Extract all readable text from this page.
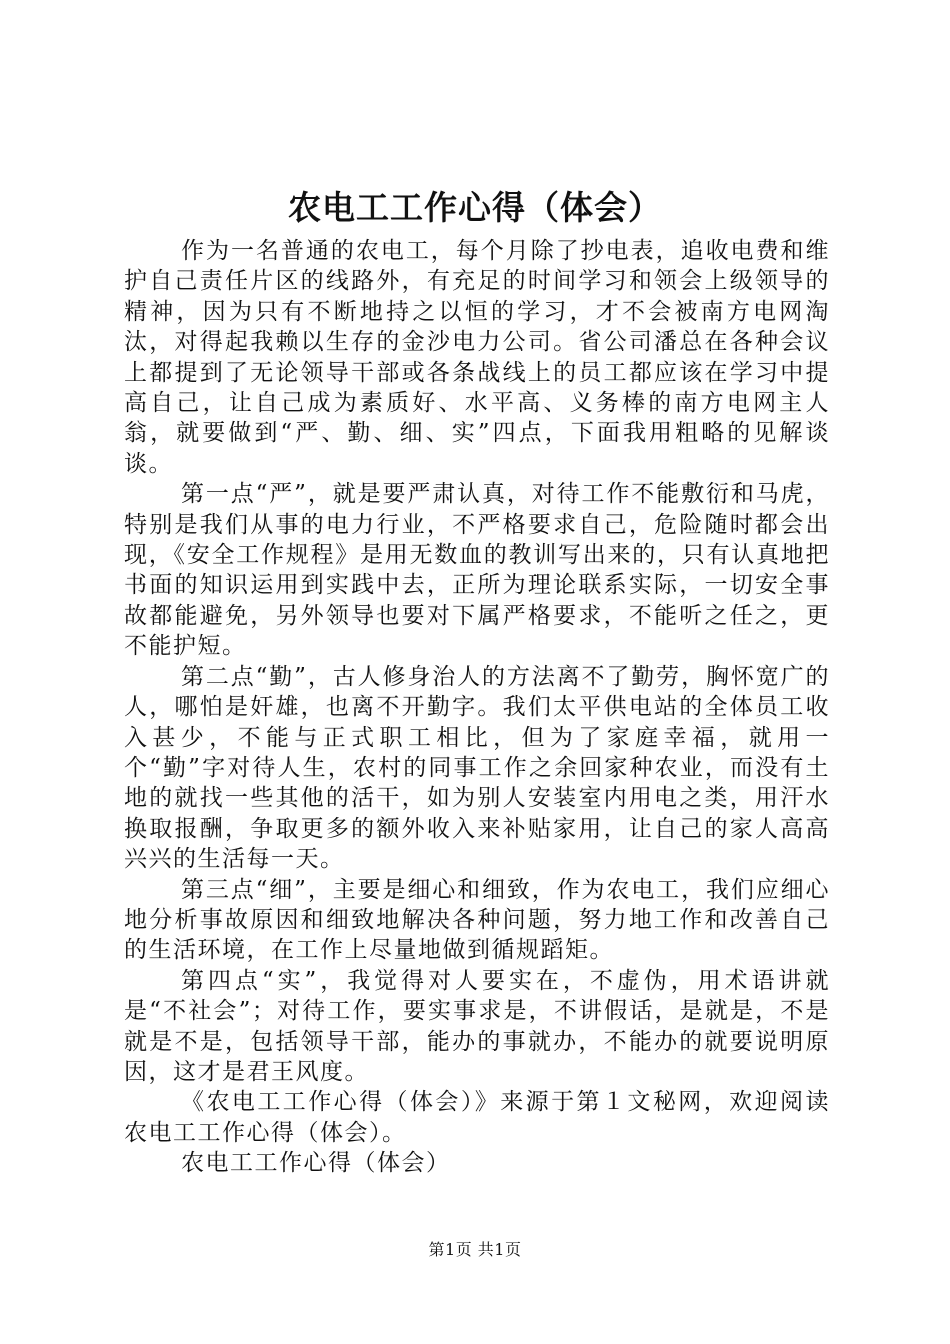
农电工工作心得（体会）

作为一名普通的农电工，每个月除了抄电表，追收电费和维护自己责任片区的线路外，有充足的时间学习和领会上级领导的精神，因为只有不断地持之以恒的学习，才不会被南方电网淘汰，对得起我赖以生存的金沙电力公司。省公司潘总在各种会议上都提到了无论领导干部或各条战线上的员工都应该在学习中提高自己，让自己成为素质好、水平高、义务棒的南方电网主人翁，就要做到“严、勤、细、实”四点，下面我用粗略的见解谈谈。

第一点“严”，就是要严肃认真，对待工作不能敷衍和马虎，特别是我们从事的电力行业，不严格要求自己，危险随时都会出现，《安全工作规程》是用无数血的教训写出来的，只有认真地把书面的知识运用到实践中去，正所为理论联系实际，一切安全事故都能避免，另外领导也要对下属严格要求，不能听之任之，更不能护短。

第二点“勤”，古人修身治人的方法离不了勤劳，胸怀宽广的人，哪怕是奸雄，也离不开勤字。我们太平供电站的全体员工收入甚少，不能与正式职工相比，但为了家庭幸福，就用一个“勤”字对待人生，农村的同事工作之余回家种农业，而没有土地的就找一些其他的活干，如为别人安装室内用电之类，用汗水换取报酬，争取更多的额外收入来补贴家用，让自己的家人高高兴兴的生活每一天。

第三点“细”，主要是细心和细致，作为农电工，我们应细心地分析事故原因和细致地解决各种问题，努力地工作和改善自己的生活环境，在工作上尽量地做到循规蹈矩。

第四点“实”，我觉得对人要实在，不虚伪，用术语讲就是“不社会”；对待工作，要实事求是，不讲假话，是就是，不是就是不是，包括领导干部，能办的事就办，不能办的就要说明原因，这才是君王风度。

《农电工工作心得（体会）》来源于第１文秘网，欢迎阅读农电工工作心得（体会）。

农电工工作心得（体会）

第1页 共1页
